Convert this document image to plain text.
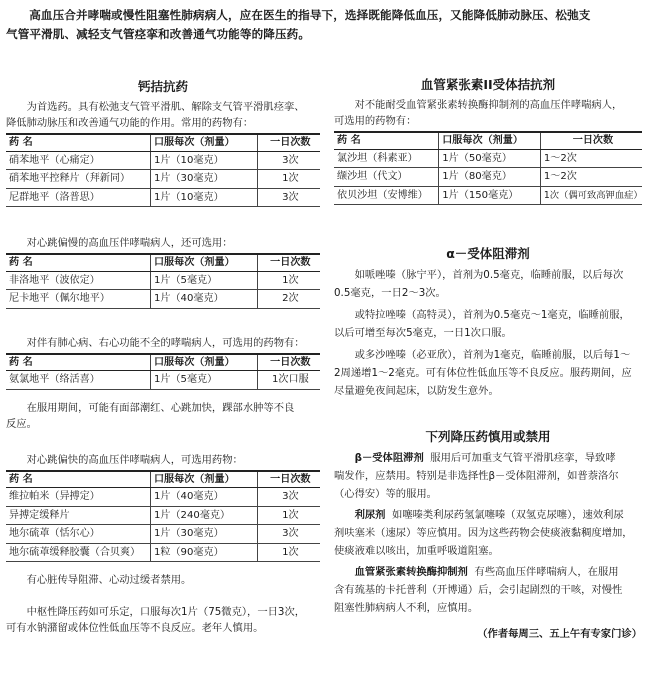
高血压合并哮喘或慢性阻塞性肺病病人，应在医生的指导下，选择既能降低血压，又能降低肺动脉压、松弛支

气管平滑肌、减轻支气管痉挛和改善通气功能等的降压药。

钙拮抗药

为首选药。具有松弛支气管平滑肌、解除支气管平滑肌痉挛、

降低肺动脉压和改善通气功能的作用。常用的药物有：

药 名	口服每次（剂量）	一日次数
硝苯地平（心痛定）	1片（10毫克）	3次
硝苯地平控释片（拜新同）	1片（30毫克）	1次
尼群地平（洛普思）	1片（10毫克）	3次

对心跳偏慢的高血压伴哮喘病人，还可选用：

药 名	口服每次（剂量）	一日次数
非洛地平（波依定）	1片（5毫克）	1次
尼卡地平（佩尔地平）	1片（40毫克）	2次

对伴有肺心病、右心功能不全的哮喘病人，可选用的药物有：

药 名	口服每次（剂量）	一日次数
氨氯地平（络活喜）	1片（5毫克）	1次口服

在服用期间，可能有面部潮红、心跳加快，踝部水肿等不良

反应。

对心跳偏快的高血压伴哮喘病人，可选用药物：

药 名	口服每次（剂量）	一日次数
维拉帕米（异搏定）	1片（40毫克）	3次
异搏定缓释片	1片（240毫克）	1次
地尔硫䓬（恬尔心）	1片（30毫克）	3次
地尔硫䓬缓释胶囊（合贝爽）	1粒（90毫克）	1次

有心脏传导阻滞、心动过缓者禁用。

中枢性降压药如可乐定，口服每次1片（75微克），一日3次，

可有水钠潴留或体位性低血压等不良反应。老年人慎用。

血管紧张素II受体拮抗剂

对不能耐受血管紧张素转换酶抑制剂的高血压伴哮喘病人，

可选用的药物有：

药 名	口服每次（剂量）	一日次数
氯沙坦（科素亚）	1片（50毫克）	1～2次
缬沙坦（代文）	1片（80毫克）	1～2次
依贝沙坦（安博维）	1片（150毫克）	1次（偶可致高钾血症）
α－受体阻滞剂

如哌唑嗪（脉宁平），首剂为0.5毫克，临睡前服，以后每次

0.5毫克，一日2～3次。

或特拉唑嗪（高特灵），首剂为0.5毫克～1毫克，临睡前服，

以后可增至每次5毫克，一日1次口服。

或多沙唑嗪（必亚欣），首剂为1毫克，临睡前服，以后每1～

2周递增1～2毫克。可有体位性低血压等不良反应。服药期间，应

尽量避免夜间起床，以防发生意外。

下列降压药慎用或禁用

β－受体阻滞剂 服用后可加重支气管平滑肌痉挛，导致哮

喘发作，应禁用。特别是非选择性β－受体阻滞剂，如普萘洛尔

（心得安）等的服用。

利尿剂 如噻嗪类利尿药氢氯噻嗪（双氢克尿噻），速效利尿

剂呋塞米（速尿）等应慎用。因为这些药物会使痰液黏稠度增加，

使痰液难以咳出，加重呼吸道阻塞。

血管紧张素转换酶抑制剂 有些高血压伴哮喘病人，在服用

含有巯基的卡托普利（开博通）后，会引起剧烈的干咳，对慢性

阻塞性肺病病人不利，应慎用。

（作者每周三、五上午有专家门诊）
